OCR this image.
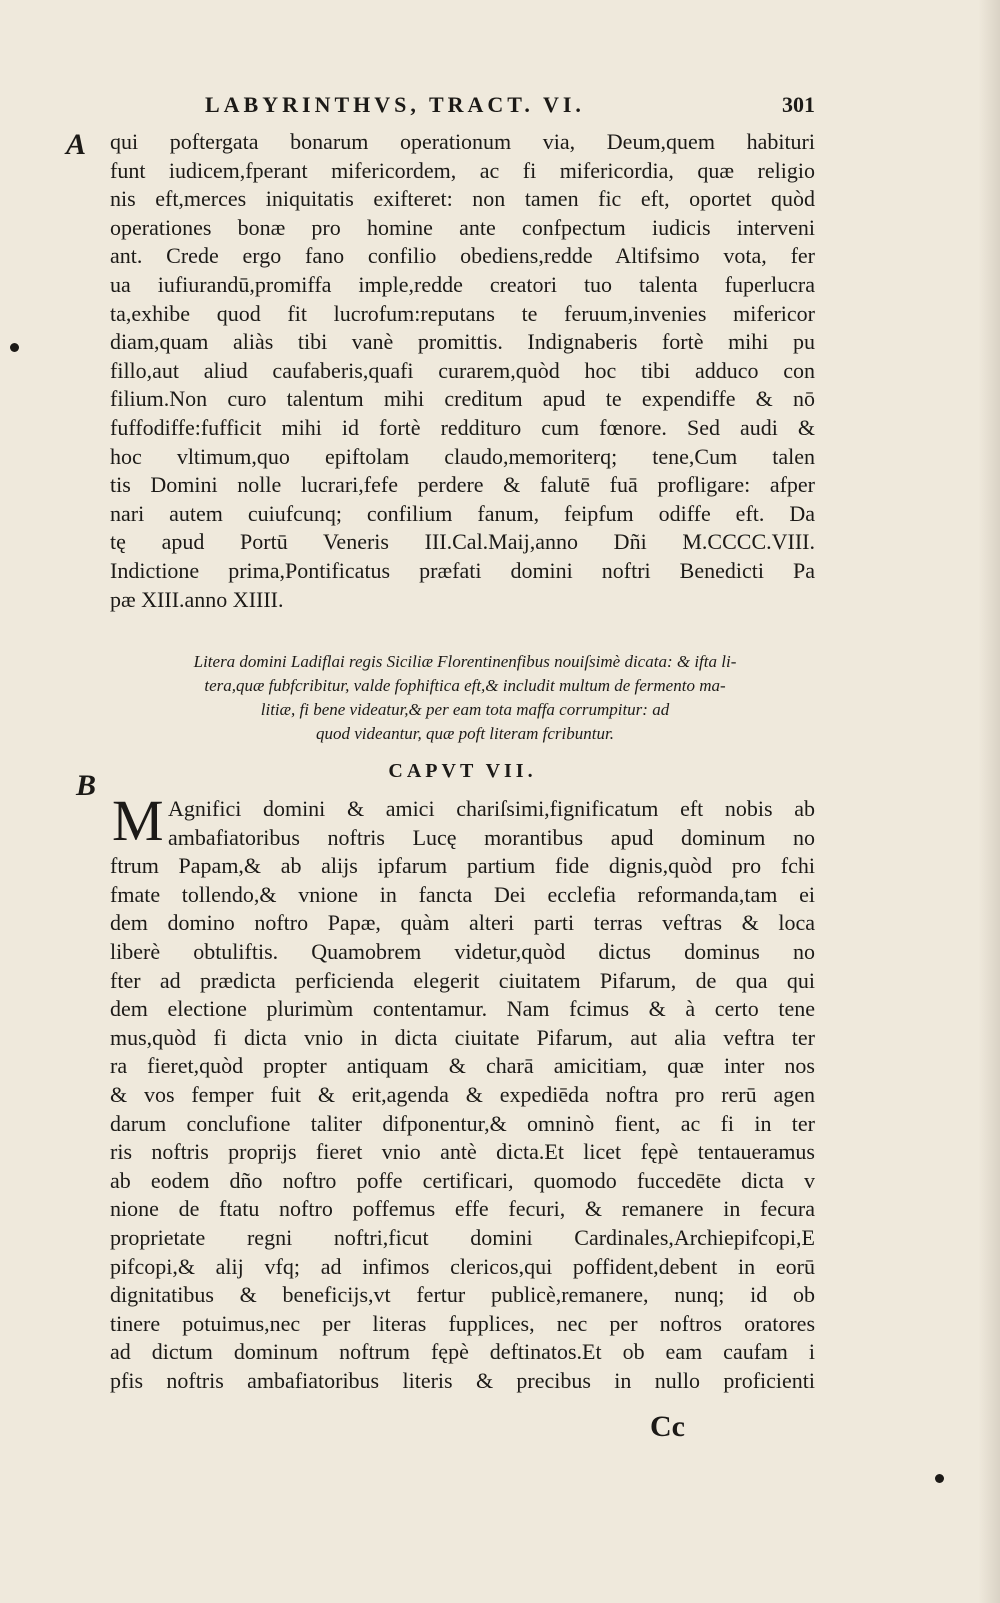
LABYRINTHVS, TRACT. VI.	301
A
B
qui poftergata bonarum operationum via, Deum,quem habituri
funt iudicem,fperant mifericordem, ac fi mifericordia, quæ religio
nis eft,merces iniquitatis exifteret: non tamen fic eft, oportet quòd
operationes bonæ pro homine ante confpectum iudicis interveni
ant. Crede ergo fano confilio obediens,redde Altifsimo vota, fer
ua iufiurandū,promiffa imple,redde creatori tuo talenta fuperlucra
ta,exhibe quod fit lucrofum:reputans te feruum,invenies mifericor
diam,quam aliàs tibi vanè promittis. Indignaberis fortè mihi pu
fillo,aut aliud caufaberis,quafi curarem,quòd hoc tibi adduco con
filium.Non curo talentum mihi creditum apud te expendiffe & nō
fuffodiffe:fufficit mihi id fortè redditurο cum fœnore. Sed audi &
hoc vltimum,quo epiftolam claudo,memoriterq; tene,Cum talen
tis Domini nolle lucrari,fefe perdere & falutē fuā profligare: afper
nari autem cuiufcunq; confilium fanum, feipfum odiffe eft. Da
tę apud Portū Veneris III.Cal.Maij,anno Dñi M.CCCC.VIII.
Indictione prima,Pontificatus præfati domini noftri Benedicti Pa
pæ XIII.anno XIIII.
Litera domini Ladiflai regis Siciliæ Florentinenfibus nouiſsimè dicata: & ifta li-
tera,quæ fubfcribitur, valde fophiftica eft,& includit multum de fermento ma-
litiæ, fi bene videatur,& per eam tota maffa corrumpitur: ad
quod videantur, quæ poft literam fcribuntur.
CAPVT VII.
M Agnifici domini & amici chariſsimi,fignificatum eft nobis ab
ambafiatoribus noftris Lucę morantibus apud dominum no
ftrum Papam,& ab alijs ipfarum partium fide dignis,quòd pro fchi
fmate tollendo,& vnione in fancta Dei ecclefia reformanda,tam ei
dem domino noftro Papæ, quàm alteri parti terras veftras & loca
liberè obtuliftis. Quamobrem videtur,quòd dictus dominus no
fter ad prædicta perficienda elegerit ciuitatem Pifarum, de qua qui
dem electione plurimùm contentamur. Nam fcimus & à certo tene
mus,quòd fi dicta vnio in dicta ciuitate Pifarum, aut alia veftra ter
ra fieret,quòd propter antiquam & charā amicitiam, quæ inter nos
& vos femper fuit & erit,agenda & expediēda noftra pro rerū agen
darum conclufione taliter difponentur,& omninò fient, ac fi in ter
ris noftris proprijs fieret vnio antè dicta.Et licet fępè tentaueramus
ab eodem dño noftro poffe certificari, quomodo fuccedēte dicta v
nione de ftatu noftro poffemus effe fecuri, & remanere in fecura
proprietate regni noftri,ficut domini Cardinales,Archiepifcopi,E
pifcopi,& alij vfq; ad infimos clericos,qui poffident,debent in eorū
dignitatibus & beneficijs,vt fertur publicè,remanere, nunq; id ob
tinere potuimus,nec per literas fupplices, nec per noftros oratores
ad dictum dominum noftrum fępè deftinatos.Et ob eam caufam i
pfis noftris ambafiatoribus literis & precibus in nullo proficienti
Cc
